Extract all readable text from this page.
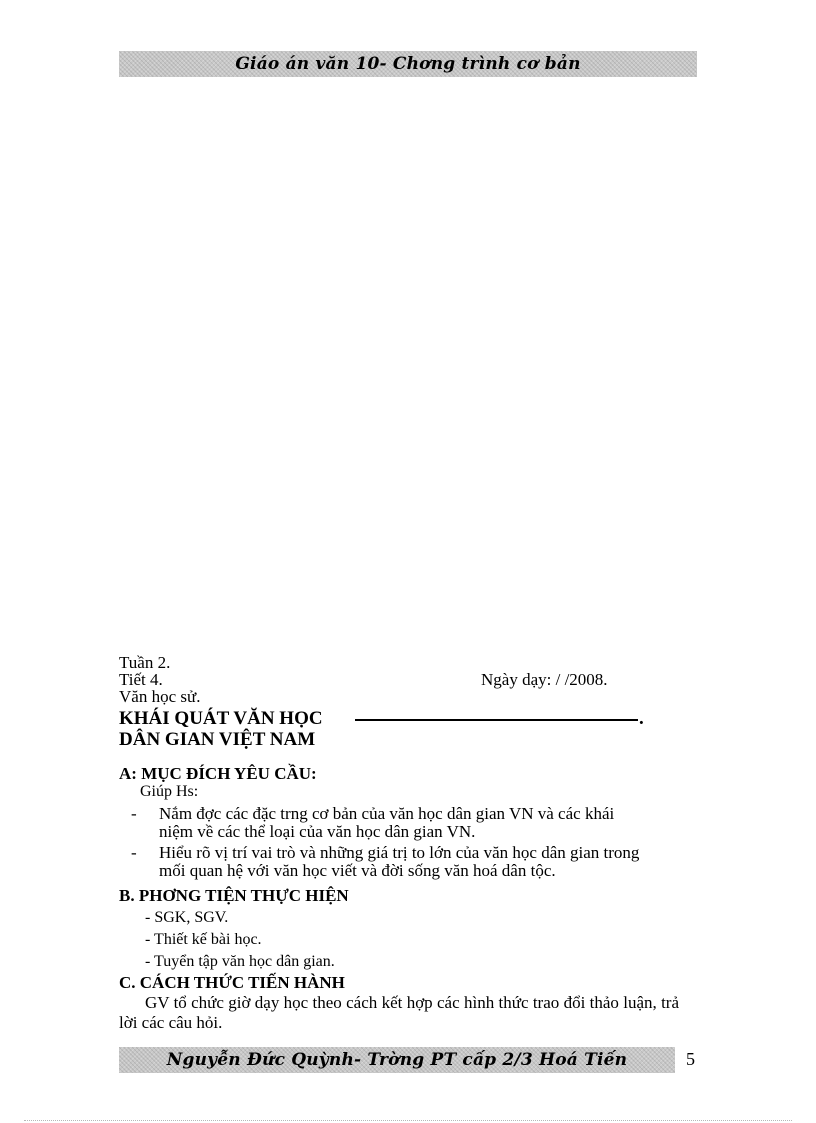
Giáo án văn 10- Chơng trình cơ bản
Tuần 2.
Tiết 4.	Ngày dạy: / /2008.
Văn học sử.
KHÁI QUÁT VĂN HỌC	.
DÂN GIAN VIỆT NAM
A: MỤC ĐÍCH YÊU CẦU:
Giúp Hs:
- Nắm đợc các đặc trng cơ bản của văn học dân gian VN và các khái
niệm về các thể loại của văn học dân gian VN.
- Hiểu rõ vị trí vai trò và những giá trị to lớn của văn học dân gian trong
mối quan hệ với văn học viết và đời sống văn hoá dân tộc.
B. PHƠNG TIỆN THỰC HIỆN
- SGK, SGV.
- Thiết kế bài học.
- Tuyển tập văn học dân gian.
C. CÁCH THỨC TIẾN HÀNH
GV tổ chức giờ dạy học theo cách kết hợp các hình thức trao đổi thảo luận, trả lời các câu hỏi.
Nguyễn Đức Quỳnh- Trờng PT cấp 2/3 Hoá Tiến	5
